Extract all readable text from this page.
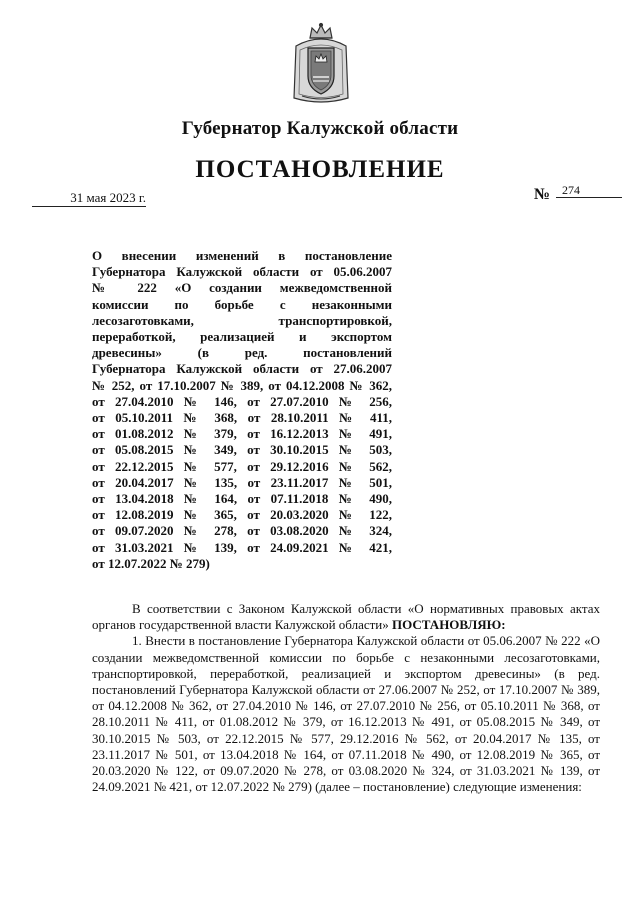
Губернатор Калужской области
ПОСТАНОВЛЕНИЕ
31 мая 2023 г.	№ 274
О внесении изменений в постановление
Губернатора Калужской области от 05.06.2007
№ 222 «О создании межведомственной
комиссии по борьбе с незаконными
лесозаготовками, транспортировкой,
переработкой, реализацией и экспортом
древесины» (в ред. постановлений
Губернатора Калужской области от 27.06.2007
№ 252, от 17.10.2007 № 389, от 04.12.2008 № 362,
от 27.04.2010 № 146, от 27.07.2010 № 256,
от 05.10.2011 № 368, от 28.10.2011 № 411,
от 01.08.2012 № 379, от 16.12.2013 № 491,
от 05.08.2015 № 349, от 30.10.2015 № 503,
от 22.12.2015 № 577, от 29.12.2016 № 562,
от 20.04.2017 № 135, от 23.11.2017 № 501,
от 13.04.2018 № 164, от 07.11.2018 № 490,
от 12.08.2019 № 365, от 20.03.2020 № 122,
от 09.07.2020 № 278, от 03.08.2020 № 324,
от 31.03.2021 № 139, от 24.09.2021 № 421,
от 12.07.2022 № 279)

В соответствии с Законом Калужской области «О нормативных правовых актах органов государственной власти Калужской области» ПОСТАНОВЛЯЮ:

1. Внести в постановление Губернатора Калужской области от 05.06.2007 № 222 «О создании межведомственной комиссии по борьбе с незаконными лесозаготовками, транспортировкой, переработкой, реализацией и экспортом древесины» (в ред. постановлений Губернатора Калужской области от 27.06.2007 № 252, от 17.10.2007 № 389, от 04.12.2008 № 362, от 27.04.2010 № 146, от 27.07.2010 № 256, от 05.10.2011 № 368, от 28.10.2011 № 411, от 01.08.2012 № 379, от 16.12.2013 № 491, от 05.08.2015 № 349, от 30.10.2015 № 503, от 22.12.2015 № 577, 29.12.2016 № 562, от 20.04.2017 № 135, от 23.11.2017 № 501, от 13.04.2018 № 164, от 07.11.2018 № 490, от 12.08.2019 № 365, от 20.03.2020 № 122, от 09.07.2020 № 278, от 03.08.2020 № 324, от 31.03.2021 № 139, от 24.09.2021 № 421, от 12.07.2022 № 279) (далее – постановление) следующие изменения:
